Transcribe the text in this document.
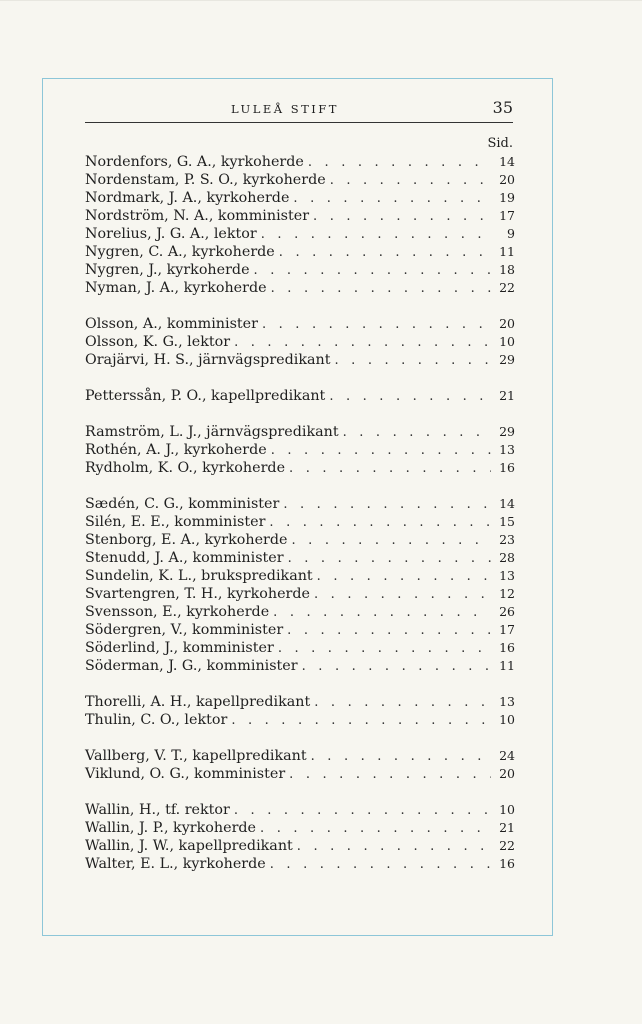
LULEÅ STIFT	35
Sid.
Nordenfors, G. A., kyrkoherde . . .	14
Nordenstam, P. S. O., kyrkoherde . . .	20
Nordmark, J. A., kyrkoherde . . .	19
Nordström, N. A., komminister . . .	17
Norelius, J. G. A., lektor . . .	9
Nygren, C. A., kyrkoherde . . .	11
Nygren, J., kyrkoherde . . .	18
Nyman, J. A., kyrkoherde . . .	22
Olsson, A., komminister . . .	20
Olsson, K. G., lektor . . .	10
Orajärvi, H. S., järnvägspredikant . . .	29
Petterssån, P. O., kapellpredikant . . .	21
Ramström, L. J., järnvägspredikant . . .	29
Rothén, A. J., kyrkoherde . . .	13
Rydholm, K. O., kyrkoherde . . .	16
Sædén, C. G., komminister . . .	14
Silén, E. E., komminister . . .	15
Stenborg, E. A., kyrkoherde . . .	23
Stenudd, J. A., komminister . . .	28
Sundelin, K. L., brukspredikant . . .	13
Svartengren, T. H., kyrkoherde . . .	12
Svensson, E., kyrkoherde . . .	26
Södergren, V., komminister . . .	17
Söderlind, J., komminister . . .	16
Söderman, J. G., komminister . . .	11
Thorelli, A. H., kapellpredikant . . .	13
Thulin, C. O., lektor . . .	10
Vallberg, V. T., kapellpredikant . . .	24
Viklund, O. G., komminister . . .	20
Wallin, H., tf. rektor . . .	10
Wallin, J. P., kyrkoherde . . .	21
Wallin, J. W., kapellpredikant . . .	22
Walter, E. L., kyrkoherde . . .	16
